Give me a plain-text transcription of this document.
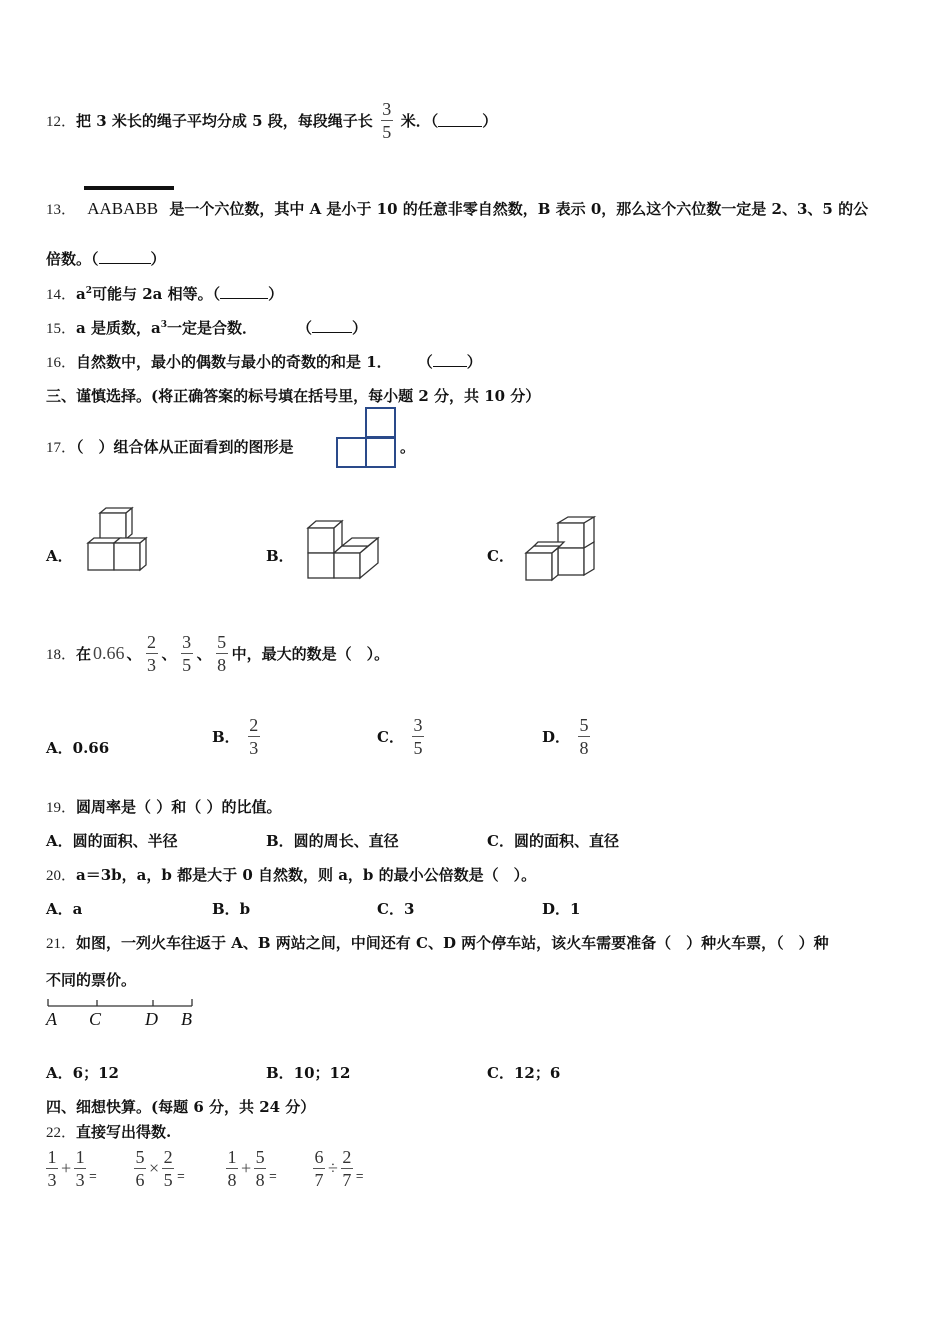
12． 把 3 米长的绳子平均分成 5 段，每段绳子长 $\frac{3}{5}$ 米．（	）
13． AABABB 是一个六位数，其中 A 是小于 10 的任意非零自然数，B 表示 0，那么这个六位数一定是 2、3、5 的公
倍数。（	）
14．$a^2$可能与 2a 相等。（	）
15．a 是质数，$a^3$一定是合数．	（	）
16．自然数中，最小的偶数与最小的奇数的和是 1． （ ）
三、谨慎选择。(将正确答案的标号填在括号里，每小题 2 分，共 10 分）
17．（　）组合体从正面看到的图形是	。
A．	B．	C．
18． 在 0.66 、 $\frac{2}{3}$ 、 $\frac{3}{5}$ 、 $\frac{5}{8}$ 中，最大的数是（　）。
A．0.66
B． $\frac{2}{3}$	C． $\frac{3}{5}$	D． $\frac{5}{8}$
19．圆周率是（ ）和（ ）的比值。
A．圆的面积、半径	B．圆的周长、直径	C．圆的面积、直径
20．a＝3b，a，b 都是大于 0 自然数，则 a，b 的最小公倍数是（　）。
A．a	B．b	C．3	D．1
21．如图，一列火车往返于 A、B 两站之间，中间还有 C、D 两个停车站，该火车需要准备（　）种火车票，（　）种
不同的票价。
A C D B
A．6；12	B．10；12	C．12；6
四、细想快算。(每题 6 分，共 24 分）
22．直接写出得数.
$\frac{1}{3} + \frac{1}{3} = \frac{5}{6} \times \frac{2}{5} = \frac{1}{8} + \frac{5}{8} = \frac{6}{7} \div \frac{2}{7}$ =
